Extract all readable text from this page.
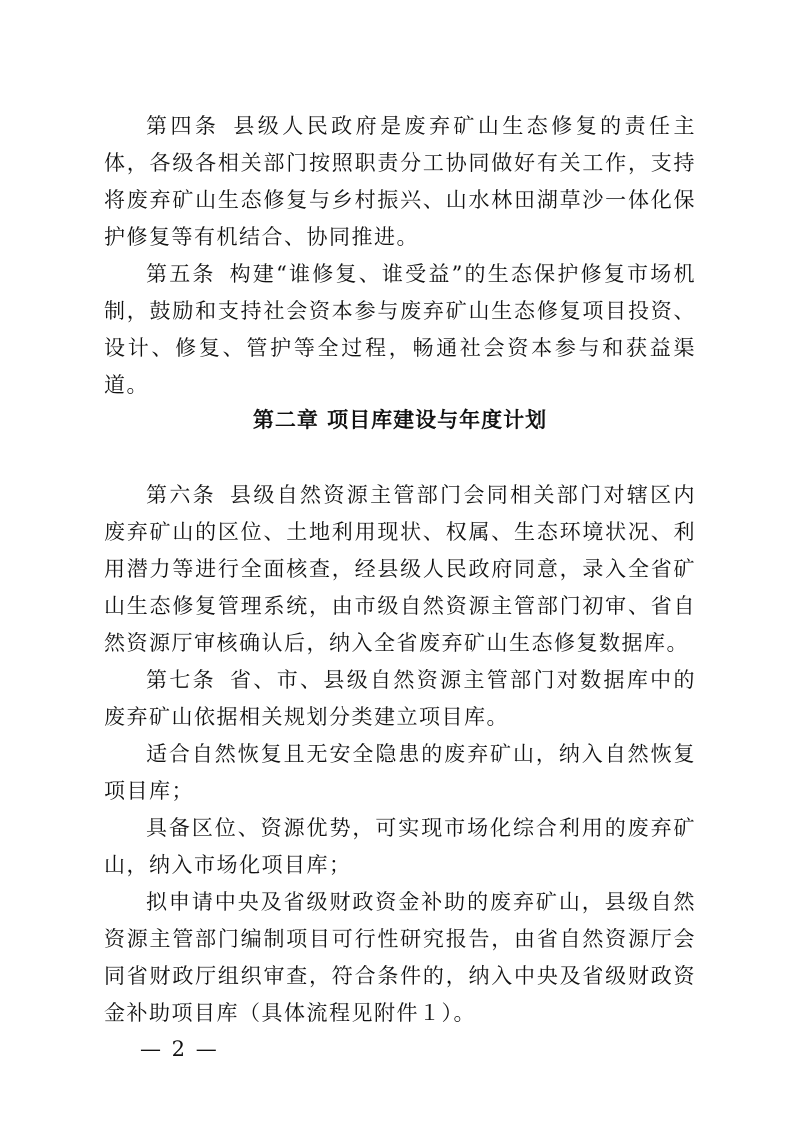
第四条 县级人民政府是废弃矿山生态修复的责任主体，各级各相关部门按照职责分工协同做好有关工作，支持将废弃矿山生态修复与乡村振兴、山水林田湖草沙一体化保护修复等有机结合、协同推进。

第五条 构建“谁修复、谁受益”的生态保护修复市场机制，鼓励和支持社会资本参与废弃矿山生态修复项目投资、设计、修复、管护等全过程，畅通社会资本参与和获益渠道。

第二章 项目库建设与年度计划

第六条 县级自然资源主管部门会同相关部门对辖区内废弃矿山的区位、土地利用现状、权属、生态环境状况、利用潜力等进行全面核查，经县级人民政府同意，录入全省矿山生态修复管理系统，由市级自然资源主管部门初审、省自然资源厅审核确认后，纳入全省废弃矿山生态修复数据库。

第七条 省、市、县级自然资源主管部门对数据库中的废弃矿山依据相关规划分类建立项目库。

适合自然恢复且无安全隐患的废弃矿山，纳入自然恢复项目库；

具备区位、资源优势，可实现市场化综合利用的废弃矿山，纳入市场化项目库；

拟申请中央及省级财政资金补助的废弃矿山，县级自然资源主管部门编制项目可行性研究报告，由省自然资源厅会同省财政厅组织审查，符合条件的，纳入中央及省级财政资金补助项目库（具体流程见附件１）。

— 2 —
